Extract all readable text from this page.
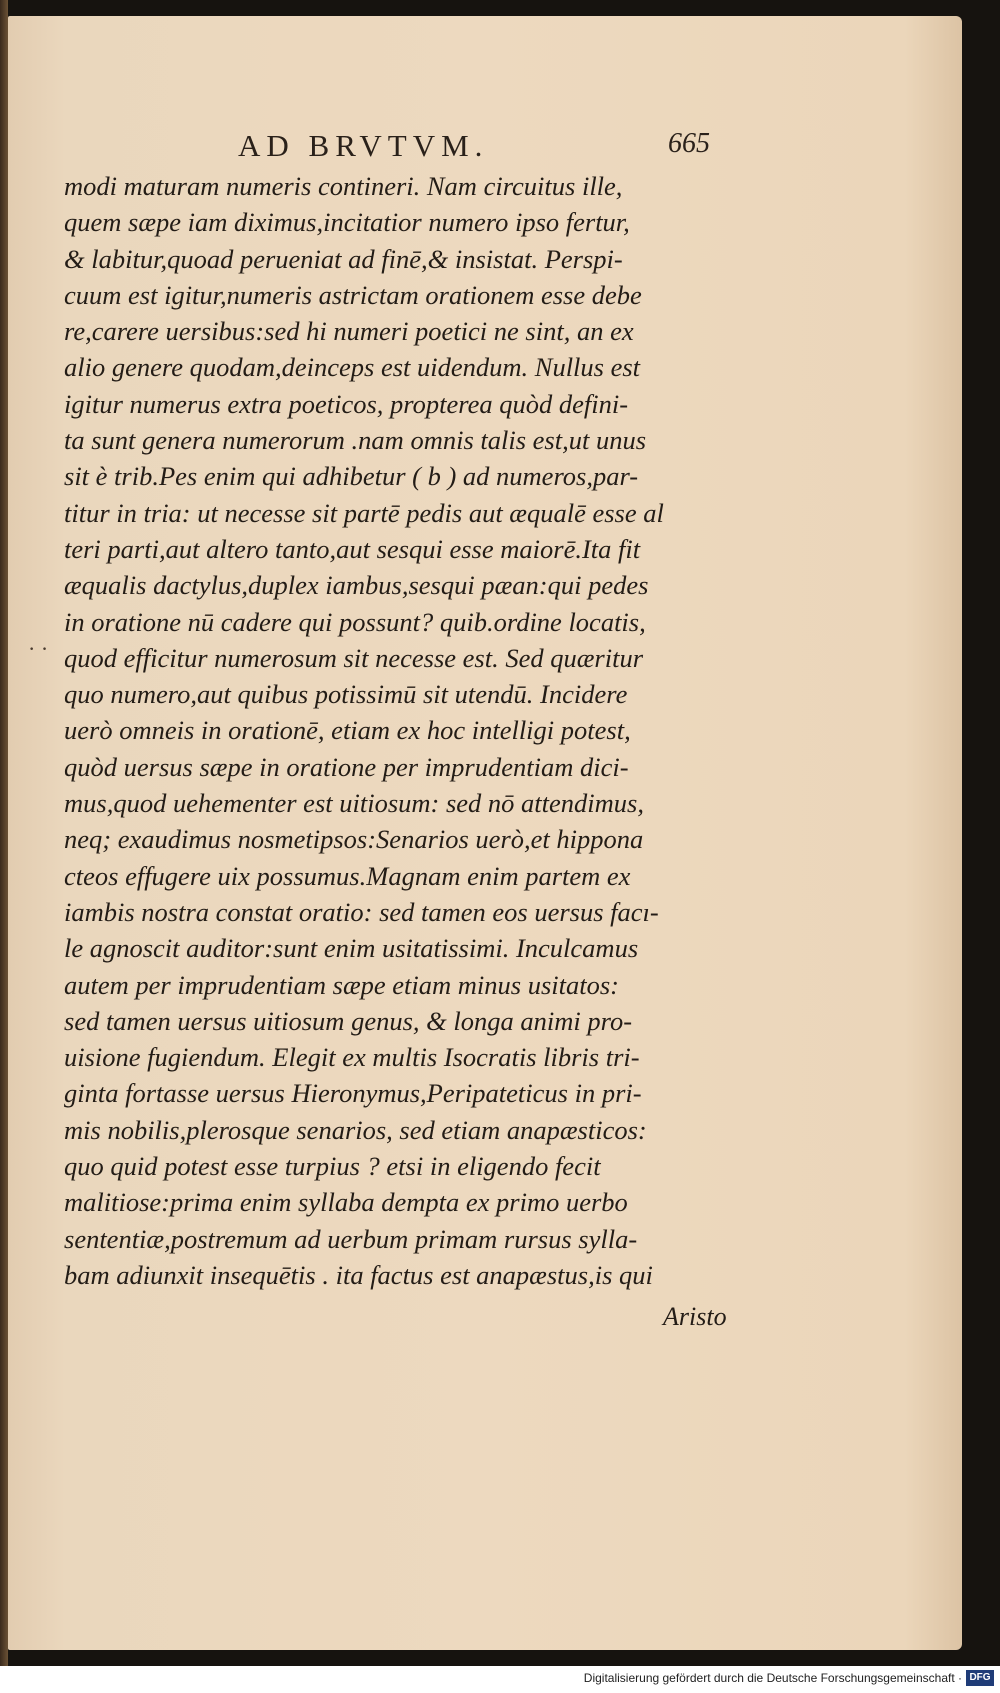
AD BRVTVM.	665
· ·
modi maturam numeris contineri. Nam circuitus ille,
quem sæpe iam diximus,incitatior numero ipso fertur,
& labitur,quoad perueniat ad finē,& insistat. Perspi-
cuum est igitur,numeris astrictam orationem esse debe
re,carere uersibus:sed hi numeri poetici ne sint, an ex
alio genere quodam,deinceps est uidendum. Nullus est
igitur numerus extra poeticos, propterea quòd defini-
ta sunt genera numerorum .nam omnis talis est,ut unus
sit è trib.Pes enim qui adhibetur ( b ) ad numeros,par-
titur in tria: ut necesse sit partē pedis aut æqualē esse al
teri parti,aut altero tanto,aut sesqui esse maiorē.Ita fit
æqualis dactylus,duplex iambus,sesqui pæan:qui pedes
in oratione nū cadere qui possunt? quib.ordine locatis,
quod efficitur numerosum sit necesse est. Sed quæritur
quo numero,aut quibus potissimū sit utendū. Incidere
uerò omneis in orationē, etiam ex hoc intelligi potest,
quòd uersus sæpe in oratione per imprudentiam dici-
mus,quod uehementer est uitiosum: sed nō attendimus,
neq; exaudimus nosmetipsos:Senarios uerò,et hippona
cteos effugere uix possumus.Magnam enim partem ex
iambis nostra constat oratio: sed tamen eos uersus facı-
le agnoscit auditor:sunt enim usitatissimi. Inculcamus
autem per imprudentiam sæpe etiam minus usitatos:
sed tamen uersus uitiosum genus, & longa animi pro-
uisione fugiendum. Elegit ex multis Isocratis libris tri-
ginta fortasse uersus Hieronymus,Peripateticus in pri-
mis nobilis,plerosque senarios, sed etiam anapæsticos:
quo quid potest esse turpius ? etsi in eligendo fecit
malitiose:prima enim syllaba dempta ex primo uerbo
sententiæ,postremum ad uerbum primam rursus sylla-
bam adiunxit insequētis . ita factus est anapæstus,is qui
Aristo
Digitalisierung gefördert durch die Deutsche Forschungsgemeinschaft · DFG
